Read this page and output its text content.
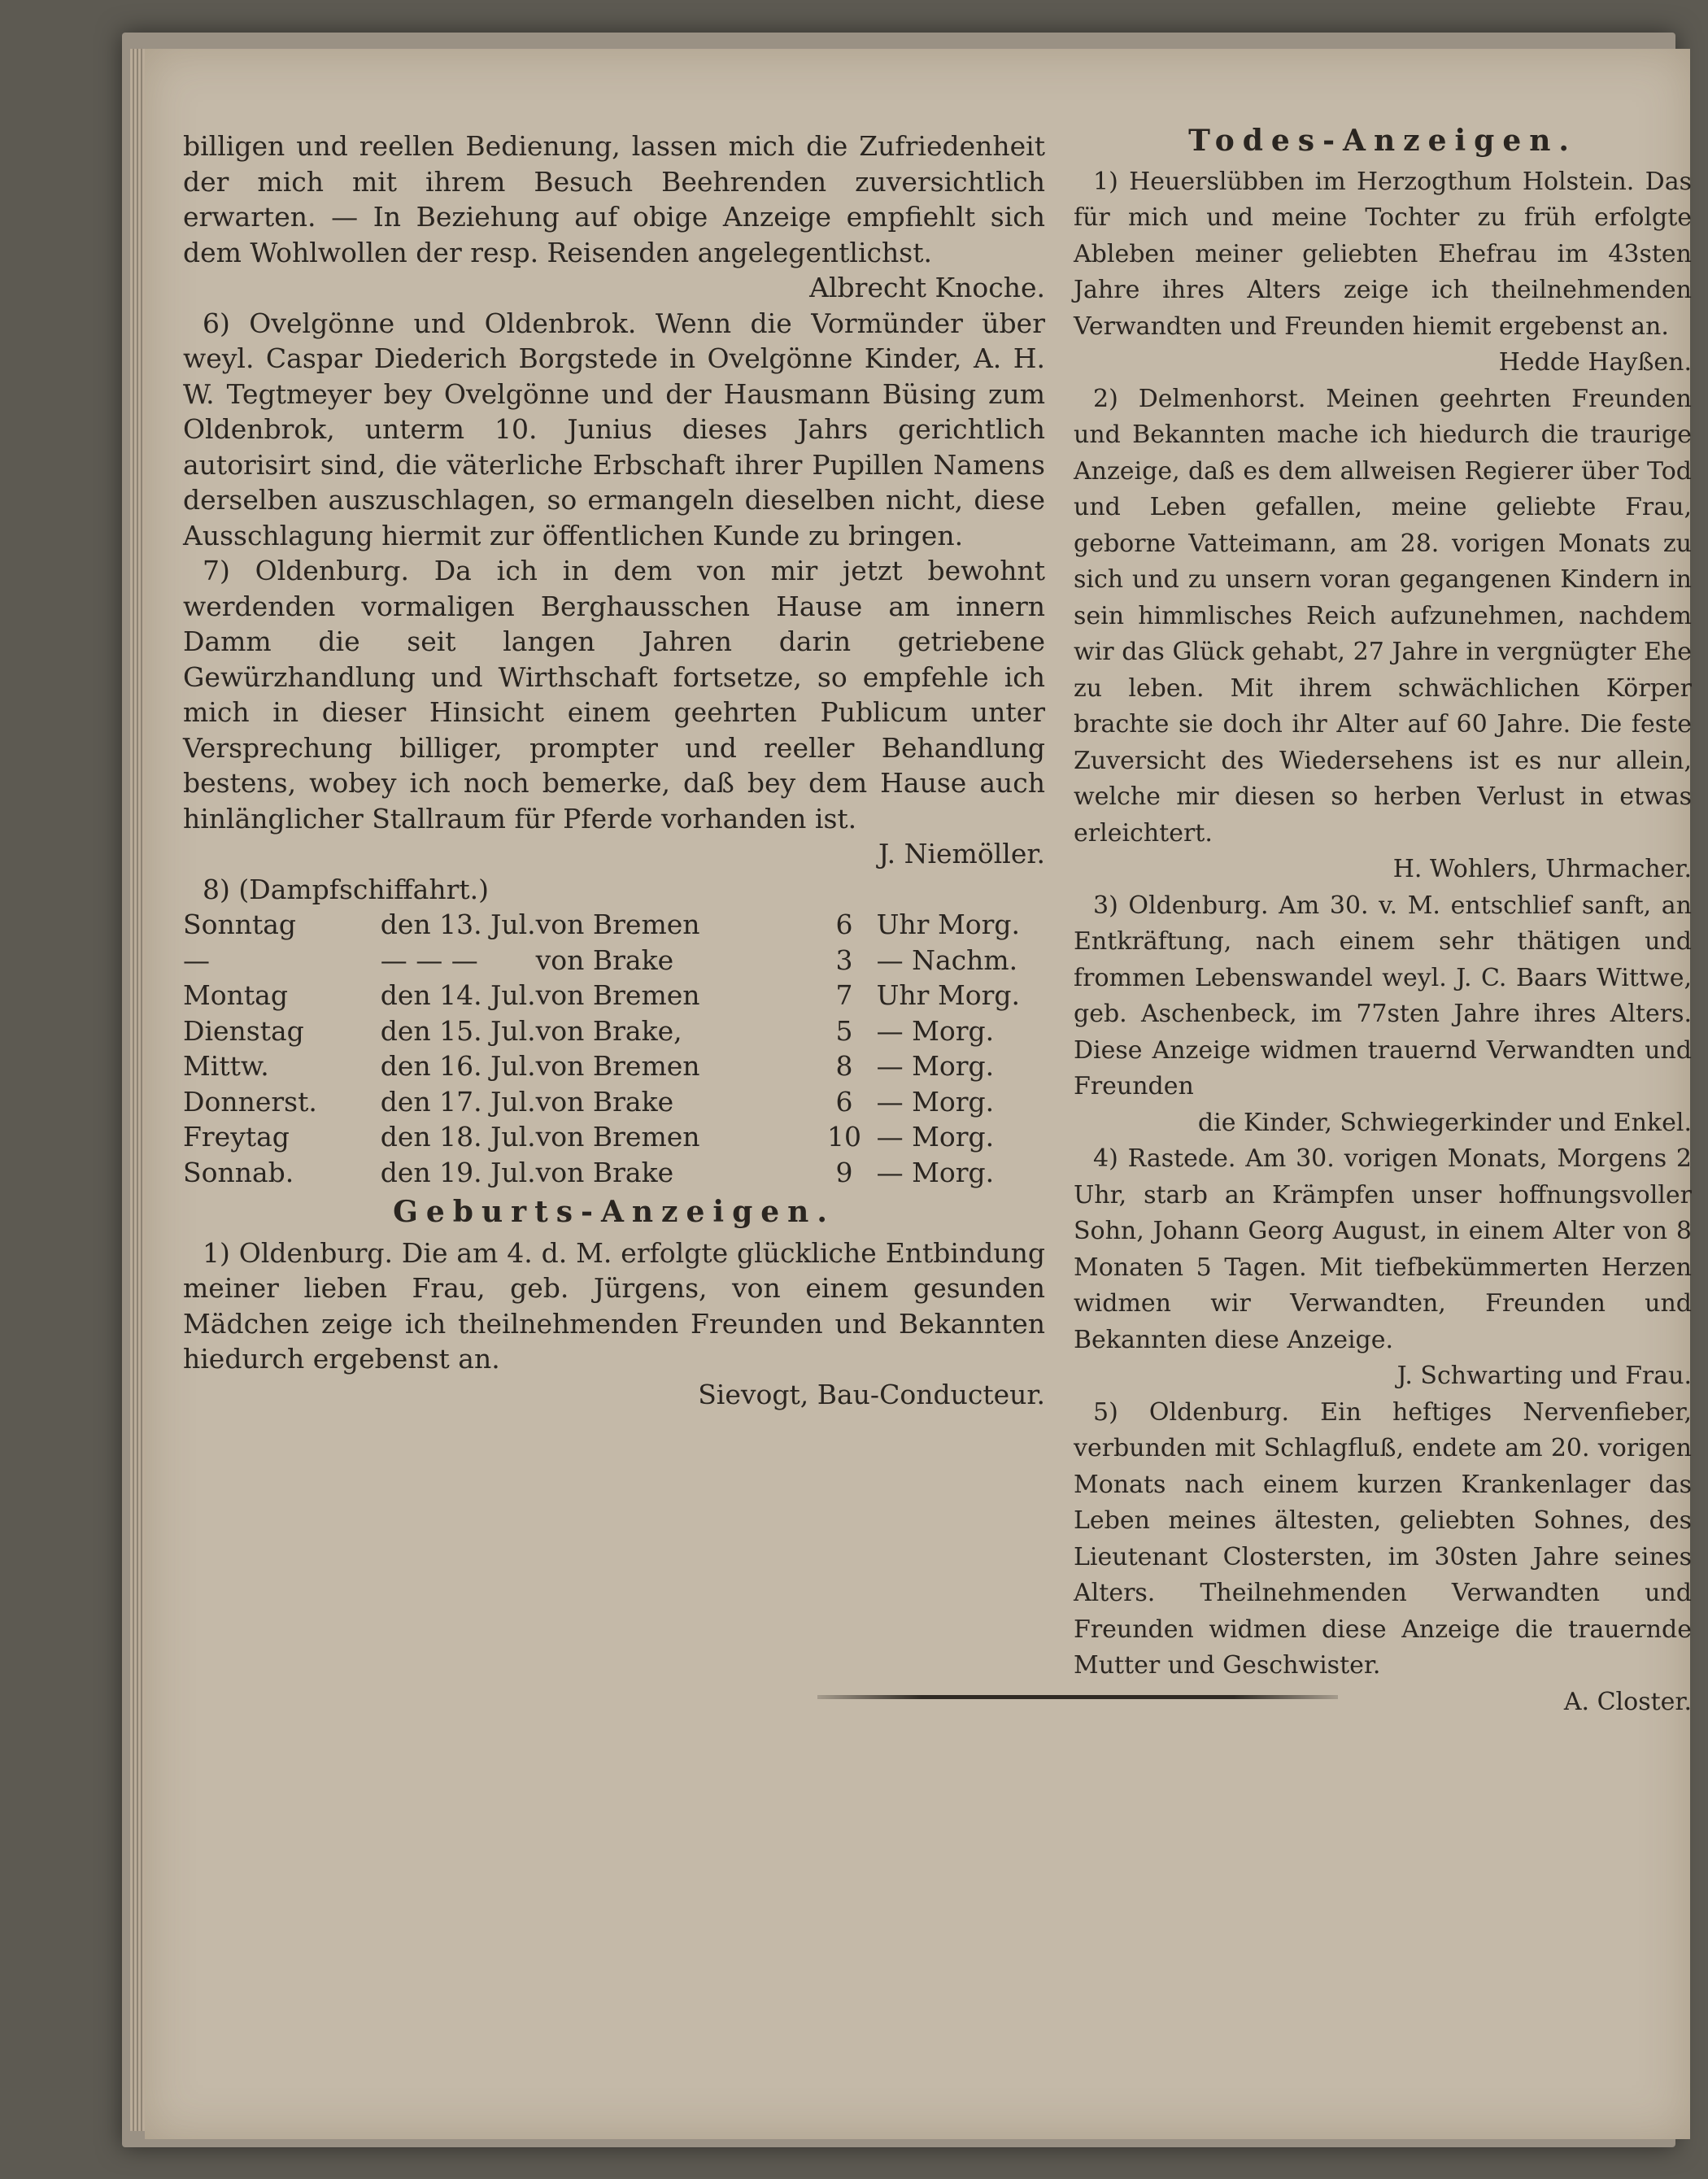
billigen und reellen Bedienung, lassen mich die Zufriedenheit der mich mit ihrem Besuch Beehrenden zuversichtlich erwarten. — In Beziehung auf obige Anzeige empfiehlt sich dem Wohlwollen der resp. Reisenden angelegentlichst.

Albrecht Knoche.

6) Ovelgönne und Oldenbrok. Wenn die Vormünder über weyl. Caspar Diederich Borgstede in Ovelgönne Kinder, A. H. W. Tegtmeyer bey Ovelgönne und der Hausmann Büsing zum Oldenbrok, unterm 10. Junius dieses Jahrs gerichtlich autorisirt sind, die väterliche Erbschaft ihrer Pupillen Namens derselben auszuschlagen, so ermangeln dieselben nicht, diese Ausschlagung hiermit zur öffentlichen Kunde zu bringen.

7) Oldenburg. Da ich in dem von mir jetzt bewohnt werdenden vormaligen Berghausschen Hause am innern Damm die seit langen Jahren darin getriebene Gewürzhandlung und Wirthschaft fortsetze, so empfehle ich mich in dieser Hinsicht einem geehrten Publicum unter Versprechung billiger, prompter und reeller Behandlung bestens, wobey ich noch bemerke, daß bey dem Hause auch hinlänglicher Stallraum für Pferde vorhanden ist.

J. Niemöller.

8) (Dampfschiffahrt.)

Sonntag	den 13. Jul.	von Bremen	6	Uhr Morg.
—	— — —	von Brake	3	— Nachm.
Montag	den 14. Jul.	von Bremen	7	Uhr Morg.
Dienstag	den 15. Jul.	von Brake,	5	— Morg.
Mittw.	den 16. Jul.	von Bremen	8	— Morg.
Donnerst.	den 17. Jul.	von Brake	6	— Morg.
Freytag	den 18. Jul.	von Bremen	10	— Morg.
Sonnab.	den 19. Jul.	von Brake	9	— Morg.
Geburts-Anzeigen.

1) Oldenburg. Die am 4. d. M. erfolgte glückliche Entbindung meiner lieben Frau, geb. Jürgens, von einem gesunden Mädchen zeige ich theilnehmenden Freunden und Bekannten hiedurch ergebenst an.

Sievogt, Bau-Conducteur.

Todes-Anzeigen.

1) Heuerslübben im Herzogthum Holstein. Das für mich und meine Tochter zu früh erfolgte Ableben meiner geliebten Ehefrau im 43sten Jahre ihres Alters zeige ich theilnehmenden Verwandten und Freunden hiemit ergebenst an.

Hedde Hayßen.

2) Delmenhorst. Meinen geehrten Freunden und Bekannten mache ich hiedurch die traurige Anzeige, daß es dem allweisen Regierer über Tod und Leben gefallen, meine geliebte Frau, geborne Vatteimann, am 28. vorigen Monats zu sich und zu unsern voran gegangenen Kindern in sein himmlisches Reich aufzunehmen, nachdem wir das Glück gehabt, 27 Jahre in vergnügter Ehe zu leben. Mit ihrem schwächlichen Körper brachte sie doch ihr Alter auf 60 Jahre. Die feste Zuversicht des Wiedersehens ist es nur allein, welche mir diesen so herben Verlust in etwas erleichtert.

H. Wohlers, Uhrmacher.

3) Oldenburg. Am 30. v. M. entschlief sanft, an Entkräftung, nach einem sehr thätigen und frommen Lebenswandel weyl. J. C. Baars Wittwe, geb. Aschenbeck, im 77sten Jahre ihres Alters. Diese Anzeige widmen trauernd Verwandten und Freunden

die Kinder, Schwiegerkinder und Enkel.

4) Rastede. Am 30. vorigen Monats, Morgens 2 Uhr, starb an Krämpfen unser hoffnungsvoller Sohn, Johann Georg August, in einem Alter von 8 Monaten 5 Tagen. Mit tiefbekümmerten Herzen widmen wir Verwandten, Freunden und Bekannten diese Anzeige.

J. Schwarting und Frau.

5) Oldenburg. Ein heftiges Nervenfieber, verbunden mit Schlagfluß, endete am 20. vorigen Monats nach einem kurzen Krankenlager das Leben meines ältesten, geliebten Sohnes, des Lieutenant Clostersten, im 30sten Jahre seines Alters. Theilnehmenden Verwandten und Freunden widmen diese Anzeige die trauernde Mutter und Geschwister.

A. Closter.
